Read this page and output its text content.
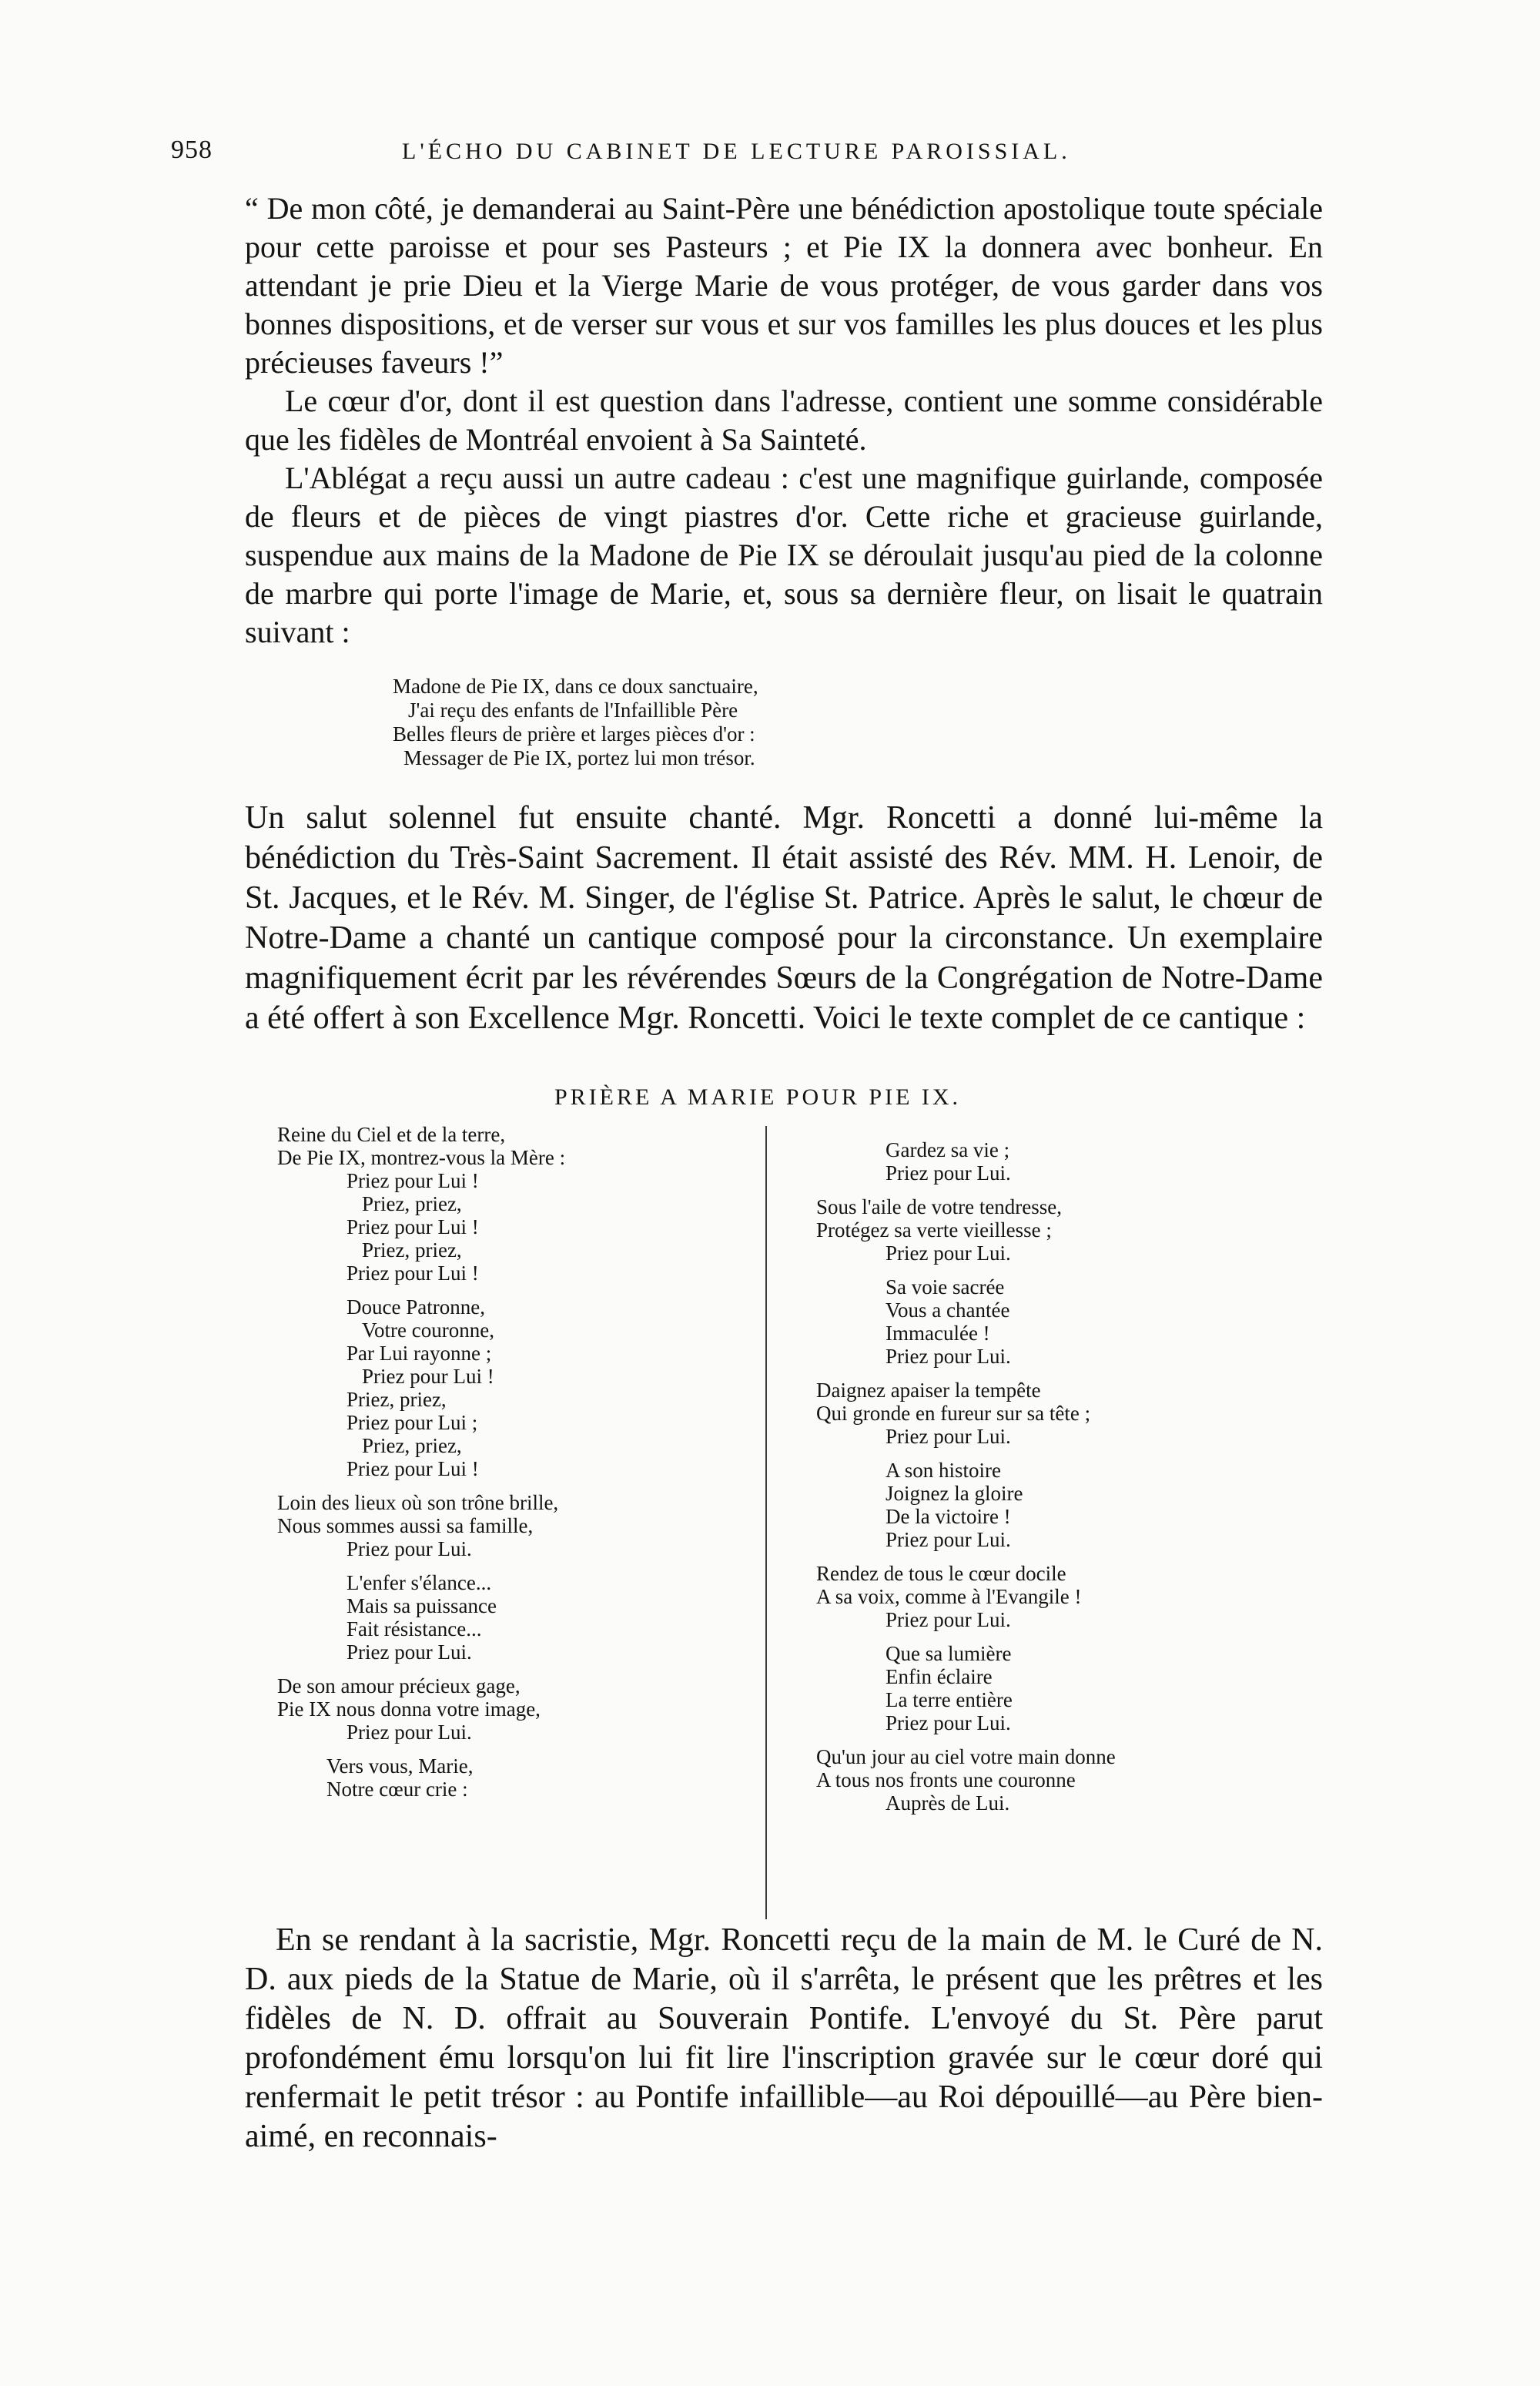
958	L'ÉCHO DU CABINET DE LECTURE PAROISSIAL.

“ De mon côté, je demanderai au Saint-Père une bénédiction apostolique toute spéciale pour cette paroisse et pour ses Pasteurs ; et Pie IX la donnera avec bonheur. En attendant je prie Dieu et la Vierge Marie de vous protéger, de vous garder dans vos bonnes dispositions, et de verser sur vous et sur vos familles les plus douces et les plus précieuses faveurs !”

Le cœur d'or, dont il est question dans l'adresse, contient une somme considérable que les fidèles de Montréal envoient à Sa Sainteté.

L'Ablégat a reçu aussi un autre cadeau : c'est une magnifique guirlande, composée de fleurs et de pièces de vingt piastres d'or. Cette riche et gracieuse guirlande, suspendue aux mains de la Madone de Pie IX se déroulait jusqu'au pied de la colonne de marbre qui porte l'image de Marie, et, sous sa dernière fleur, on lisait le quatrain suivant :

Madone de Pie IX, dans ce doux sanctuaire,
J'ai reçu des enfants de l'Infaillible Père
Belles fleurs de prière et larges pièces d'or :
Messager de Pie IX, portez lui mon trésor.

Un salut solennel fut ensuite chanté. Mgr. Roncetti a donné lui-même la bénédiction du Très-Saint Sacrement. Il était assisté des Rév. MM. H. Lenoir, de St. Jacques, et le Rév. M. Singer, de l'église St. Patrice. Après le salut, le chœur de Notre-Dame a chanté un cantique composé pour la circonstance. Un exemplaire magnifiquement écrit par les révérendes Sœurs de la Congrégation de Notre-Dame a été offert à son Excellence Mgr. Roncetti. Voici le texte complet de ce cantique :

PRIÈRE A MARIE POUR PIE IX.
Reine du Ciel et de la terre,
De Pie IX, montrez-vous la Mère :
Priez pour Lui !
Priez, priez,
Priez pour Lui !
Priez, priez,
Priez pour Lui !
Douce Patronne,
Votre couronne,
Par Lui rayonne ;
Priez pour Lui !
Priez, priez,
Priez pour Lui ;
Priez, priez,
Priez pour Lui !
Loin des lieux où son trône brille,
Nous sommes aussi sa famille,
Priez pour Lui.
L'enfer s'élance...
Mais sa puissance
Fait résistance...
Priez pour Lui.
De son amour précieux gage,
Pie IX nous donna votre image,
Priez pour Lui.
Vers vous, Marie,
Notre cœur crie :
Gardez sa vie ;
Priez pour Lui.
Sous l'aile de votre tendresse,
Protégez sa verte vieillesse ;
Priez pour Lui.
Sa voie sacrée
Vous a chantée
Immaculée !
Priez pour Lui.
Daignez apaiser la tempête
Qui gronde en fureur sur sa tête ;
Priez pour Lui.
A son histoire
Joignez la gloire
De la victoire !
Priez pour Lui.
Rendez de tous le cœur docile
A sa voix, comme à l'Evangile !
Priez pour Lui.
Que sa lumière
Enfin éclaire
La terre entière
Priez pour Lui.
Qu'un jour au ciel votre main donne
A tous nos fronts une couronne
Auprès de Lui.

En se rendant à la sacristie, Mgr. Roncetti reçu de la main de M. le Curé de N. D. aux pieds de la Statue de Marie, où il s'arrêta, le présent que les prêtres et les fidèles de N. D. offrait au Souverain Pontife. L'envoyé du St. Père parut profondément ému lorsqu'on lui fit lire l'inscription gravée sur le cœur doré qui renfermait le petit trésor : au Pontife infaillible—au Roi dépouillé—au Père bien-aimé, en reconnais-
